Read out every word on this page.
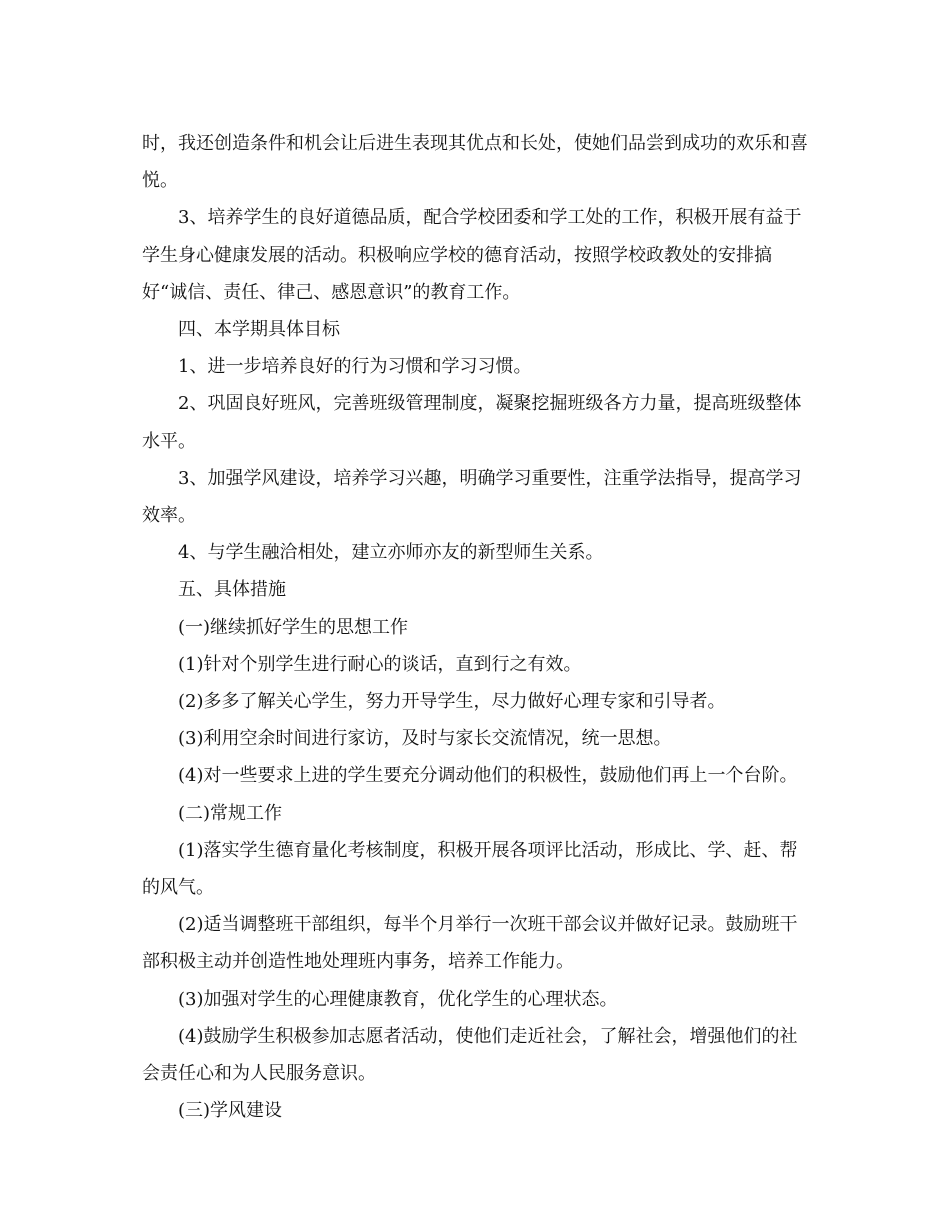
时，我还创造条件和机会让后进生表现其优点和长处，使她们品尝到成功的欢乐和喜悦。

3、培养学生的良好道德品质，配合学校团委和学工处的工作，积极开展有益于学生身心健康发展的活动。积极响应学校的德育活动，按照学校政教处的安排搞好“诚信、责任、律己、感恩意识”的教育工作。

四、本学期具体目标

1、进一步培养良好的行为习惯和学习习惯。

2、巩固良好班风，完善班级管理制度，凝聚挖掘班级各方力量，提高班级整体水平。

3、加强学风建设，培养学习兴趣，明确学习重要性，注重学法指导，提高学习效率。

4、与学生融洽相处，建立亦师亦友的新型师生关系。

五、具体措施

(一)继续抓好学生的思想工作

(1)针对个别学生进行耐心的谈话，直到行之有效。

(2)多多了解关心学生，努力开导学生，尽力做好心理专家和引导者。

(3)利用空余时间进行家访，及时与家长交流情况，统一思想。

(4)对一些要求上进的学生要充分调动他们的积极性，鼓励他们再上一个台阶。

(二)常规工作

(1)落实学生德育量化考核制度，积极开展各项评比活动，形成比、学、赶、帮的风气。

(2)适当调整班干部组织，每半个月举行一次班干部会议并做好记录。鼓励班干部积极主动并创造性地处理班内事务，培养工作能力。

(3)加强对学生的心理健康教育，优化学生的心理状态。

(4)鼓励学生积极参加志愿者活动，使他们走近社会，了解社会，增强他们的社会责任心和为人民服务意识。

(三)学风建设
